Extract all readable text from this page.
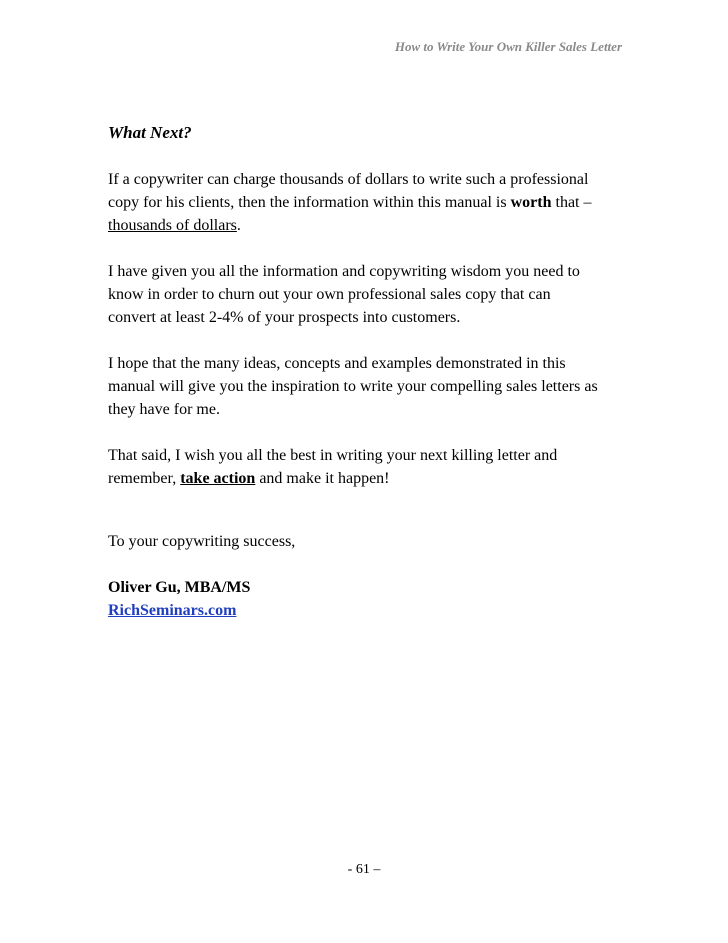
How to Write Your Own Killer Sales Letter
What Next?

If a copywriter can charge thousands of dollars to write such a professional

copy for his clients, then the information within this manual is worth that –

thousands of dollars.

I have given you all the information and copywriting wisdom you need to

know in order to churn out your own professional sales copy that can

convert at least 2-4% of your prospects into customers.

I hope that the many ideas, concepts and examples demonstrated in this

manual will give you the inspiration to write your compelling sales letters as

they have for me.

That said, I wish you all the best in writing your next killing letter and

remember, take action and make it happen!

To your copywriting success,

Oliver Gu, MBA/MS

RichSeminars.com

- 61 –
